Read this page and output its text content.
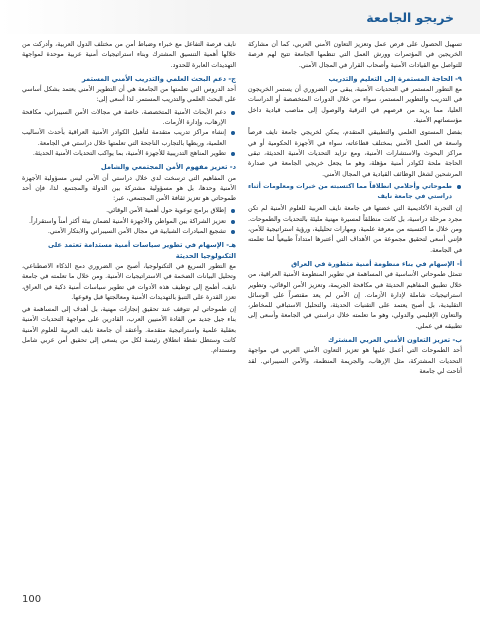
خريجو الجامعة

تسهيل الحصول على فرص عمل وتعزيز التعاون الأمني العربي، كما أن مشاركة الخريجين في المؤتمرات وورش العمل التي تنظمها الجامعة تتيح لهم فرصة للتواصل مع القيادات الأمنية وأصحاب القرار في المجال الأمني.

٩- الحاجة المستمرة إلى التعليم والتدريب

مع التطور المستمر في التحديات الأمنية، يبقى من الضروري أن يستمر الخريجون في التدريب والتطوير المستمر، سواء من خلال الدورات المتخصصة أو الدراسات العليا، مما يزيد من فرصهم في الترقية والوصول إلى مناصب قيادية داخل مؤسساتهم الأمنية.

بفضل المستوى العلمي والتطبيقي المتقدم، يمكن لخريجي جامعة نايف فرصاً واسعة في العمل الأمني بمختلف قطاعاته، سواء في الأجهزة الحكومية أو في مراكز البحوث والاستشارات الأمنية، ومع تزايد التحديات الأمنية الحديثة، تبقى الحاجة ملحة لكوادر أمنية مؤهلة، وهو ما يجعل خريجي الجامعة في صدارة المرشحين لشغل الوظائف القيادية في المجال الأمني.

طموحاتي وأحلامي انطلاقاً مما اكتسبته من خبرات ومعلومات أثناء دراستي في جامعة نايف

إن التجربة الأكاديمية التي خضتها في جامعة نايف العربية للعلوم الأمنية لم تكن مجرد مرحلة دراسية، بل كانت منطلقاً لمسيرة مهنية مليئة بالتحديات والطموحات. ومن خلال ما اكتسبته من معرفة علمية، ومهارات تحليلية، ورؤية استراتيجية للأمن، فإنني أسعى لتحقيق مجموعة من الأهداف التي أعتبرها امتداداً طبيعياً لما تعلمته في الجامعة.

أ- الإسهام في بناء منظومة أمنية متطورة في العراق

تتمثل طموحاتي الأساسية في المساهمة في تطوير المنظومة الأمنية العراقية، من خلال تطبيق المفاهيم الحديثة في مكافحة الجريمة، وتعزيز الأمن الوقائي، وتطوير استراتيجيات شاملة لإدارة الأزمات. إن الأمن لم يعد مقتصراً على الوسائل التقليدية، بل أصبح يعتمد على التقنيات الحديثة، والتحليل الاستباقي للمخاطر، والتعاون الإقليمي والدولي، وهو ما تعلمته خلال دراستي في الجامعة وأسعى إلى تطبيقه في عملي.

ب- تعزيز التعاون الأمني العربي المشترك

أحد الطموحات التي أعمل عليها هو تعزيز التعاون الأمني العربي في مواجهة التحديات المشتركة، مثل الإرهاب، والجريمة المنظمة، والأمن السيبراني. لقد أتاحت لي جامعة

نايف فرصة التفاعل مع خبراء وضباط أمن من مختلف الدول العربية، وأدركت من خلالها أهمية التنسيق المشترك وبناء استراتيجيات أمنية عربية موحدة لمواجهة التهديدات العابرة للحدود.

ج- دعم البحث العلمي والتدريب الأمني المستمر

أحد الدروس التي تعلمتها من الجامعة هي أن التطوير الأمني يعتمد بشكل أساسي على البحث العلمي والتدريب المستمر. لذا أسعى إلى:

دعم الأبحاث الأمنية المتخصصة، خاصة في مجالات الأمن السيبراني، مكافحة الإرهاب، وإدارة الأزمات.
إنشاء مراكز تدريب متقدمة لتأهيل الكوادر الأمنية العراقية بأحدث الأساليب العلمية، وربطها بالتجارب الناجحة التي تعلمتها خلال دراستي في الجامعة.
تطوير المناهج التدريبية للأجهزة الأمنية، بما يواكب التحديات الأمنية الحديثة.
د- تعزيز مفهوم الأمن المجتمعي والشامل

من المفاهيم التي ترسخت لدي خلال دراستي أن الأمن ليس مسؤولية الأجهزة الأمنية وحدها، بل هو مسؤولية مشتركة بين الدولة والمجتمع. لذا، فإن أحد طموحاتي هو تعزيز ثقافة الأمن المجتمعي، عبر:

إطلاق برامج توعوية حول أهمية الأمن الوقائي.
تعزيز الشراكة بين المواطن والأجهزة الأمنية لضمان بيئة أكثر أمناً واستقراراً.
تشجيع المبادرات الشبابية في مجال الأمن السيبراني والابتكار الأمني.
هـ- الإسهام في تطوير سياسات أمنية مستدامة تعتمد على التكنولوجيا الحديثة

مع التطور السريع في التكنولوجيا، أصبح من الضروري دمج الذكاء الاصطناعي، وتحليل البيانات الضخمة في الاستراتيجيات الأمنية. ومن خلال ما تعلمته في جامعة نايف، أطمح إلى توظيف هذه الأدوات في تطوير سياسات أمنية ذكية في العراق، تعزز القدرة على التنبؤ بالتهديدات الأمنية ومعالجتها قبل وقوعها.

إن طموحاتي لم تتوقف عند تحقيق إنجازات مهنية، بل أهدف إلى المساهمة في بناء جيل جديد من القادة الأمنيين العرب، القادرين على مواجهة التحديات الأمنية بعقلية علمية واستراتيجية متقدمة. وأعتقد أن جامعة نايف العربية للعلوم الأمنية كانت وستظل نقطة انطلاق رئيسة لكل من يسعى إلى تحقيق أمن عربي شامل ومستدام.

100
